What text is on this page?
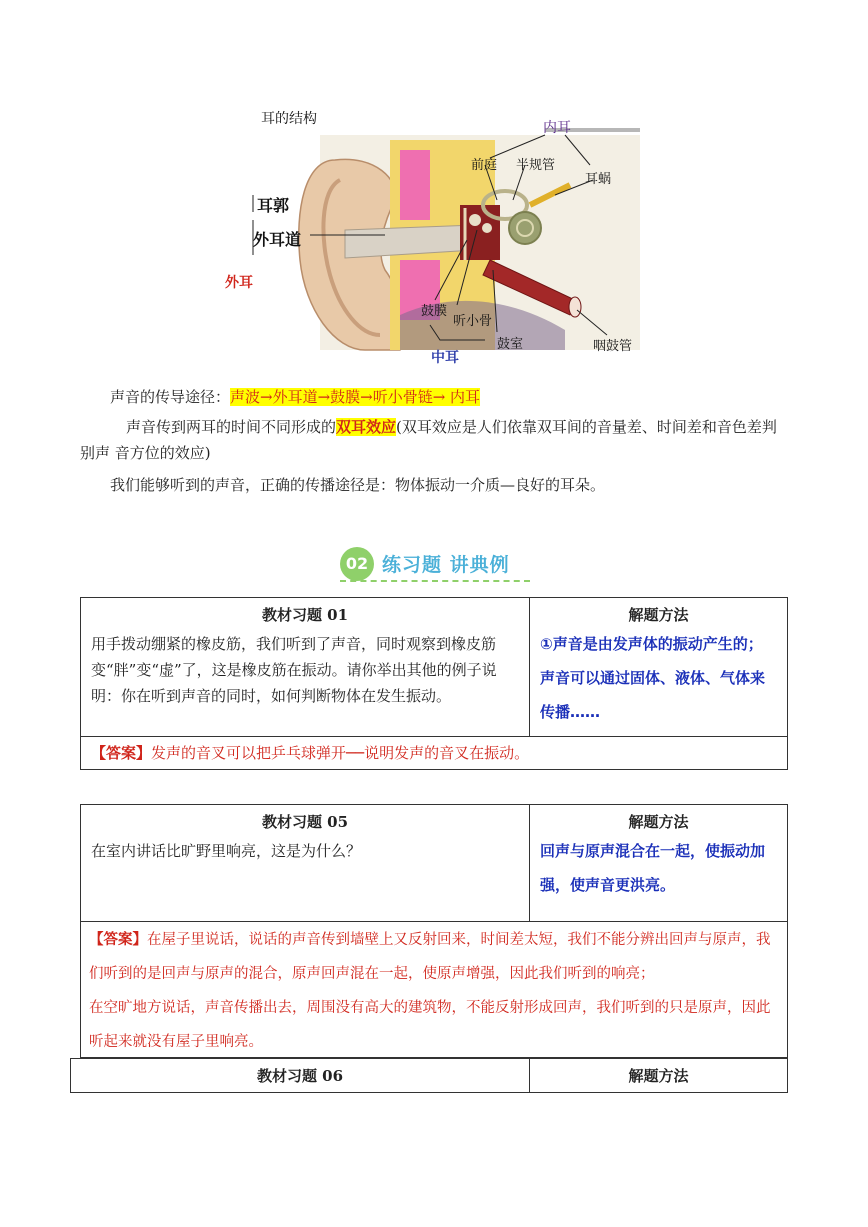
耳的结构
内耳
前庭 半规管
耳蜗
耳郭
外耳道
外耳
鼓膜
听小骨
鼓室	咽鼓管
中耳
声音的传导途径：声波→外耳道→鼓膜→听小骨链→ 内耳
声音传到两耳的时间不同形成的双耳效应(双耳效应是人们依靠双耳间的音量差、时间差和音色差判
别声 音方位的效应)
我们能够听到的声音，正确的传播途径是：物体振动一介质—良好的耳朵。
02 练习题 讲典例
教材习题 01
用手拨动绷紧的橡皮筋，我们听到了声音，同时观察到橡皮筋变“胖”变“虚”了，这是橡皮筋在振动。请你举出其他的例子说明：你在听到声音的同时，如何判断物体在发生振动。
解题方法
①声音是由发声体的振动产生的；声音可以通过固体、液体、气体来传播……
【答案】发声的音叉可以把乒乓球弹开──说明发声的音叉在振动。
教材习题 05
在室内讲话比旷野里响亮，这是为什么？
解题方法
回声与原声混合在一起，使振动加强，使声音更洪亮。
【答案】在屋子里说话，说话的声音传到墙壁上又反射回来，时间差太短，我们不能分辨出回声与原声，我们听到的是回声与原声的混合，原声回声混在一起，使原声增强，因此我们听到的响亮；
在空旷地方说话，声音传播出去，周围没有高大的建筑物，不能反射形成回声，我们听到的只是原声，因此听起来就没有屋子里响亮。
教材习题 06	解题方法
